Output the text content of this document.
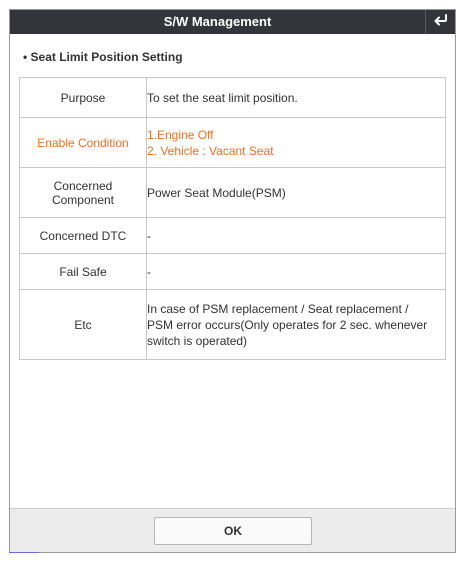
S/W Management
• Seat Limit Position Setting
Purpose	To set the seat limit position.

Enable Condition	1.Engine Off
2. Vehicle : Vacant Seat

Concerned
Component	Power Seat Module(PSM)

Concerned DTC	-

Fail Safe	-

Etc	In case of PSM replacement / Seat replacement /
PSM error occurs(Only operates for 2 sec. whenever
switch is operated)
OK
